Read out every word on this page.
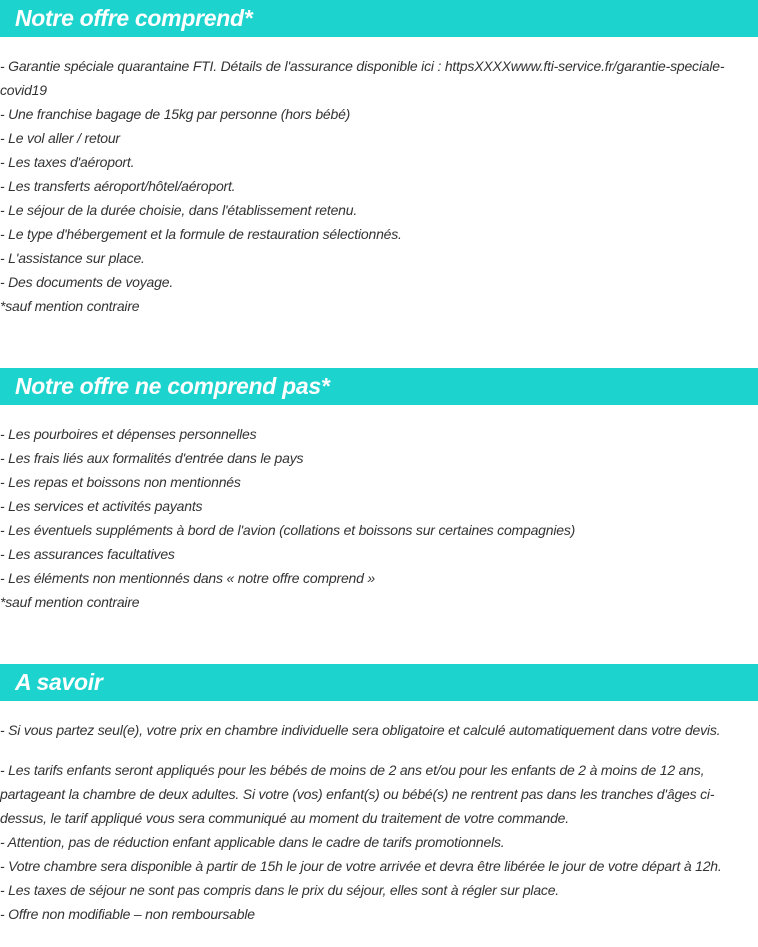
Notre offre comprend*
- Garantie spéciale quarantaine FTI. Détails de l'assurance disponible ici : httpsXXXXwww.fti-service.fr/garantie-speciale-covid19
- Une franchise bagage de 15kg par personne (hors bébé)
- Le vol aller / retour
- Les taxes d'aéroport.
- Les transferts aéroport/hôtel/aéroport.
- Le séjour de la durée choisie, dans l'établissement retenu.
- Le type d'hébergement et la formule de restauration sélectionnés.
- L'assistance sur place.
- Des documents de voyage.
*sauf mention contraire
Notre offre ne comprend pas*
- Les pourboires et dépenses personnelles
- Les frais liés aux formalités d'entrée dans le pays
- Les repas et boissons non mentionnés
- Les services et activités payants
- Les éventuels suppléments à bord de l'avion (collations et boissons sur certaines compagnies)
- Les assurances facultatives
- Les éléments non mentionnés dans « notre offre comprend »
*sauf mention contraire
A savoir
- Si vous partez seul(e), votre prix en chambre individuelle sera obligatoire et calculé automatiquement dans votre devis.
- Les tarifs enfants seront appliqués pour les bébés de moins de 2 ans et/ou pour les enfants de 2 à moins de 12 ans, partageant la chambre de deux adultes. Si votre (vos) enfant(s) ou bébé(s) ne rentrent pas dans les tranches d'âges ci-dessus, le tarif appliqué vous sera communiqué au moment du traitement de votre commande.
- Attention, pas de réduction enfant applicable dans le cadre de tarifs promotionnels.
- Votre chambre sera disponible à partir de 15h le jour de votre arrivée et devra être libérée le jour de votre départ à 12h.
- Les taxes de séjour ne sont pas compris dans le prix du séjour, elles sont à régler sur place.
- Offre non modifiable – non remboursable
